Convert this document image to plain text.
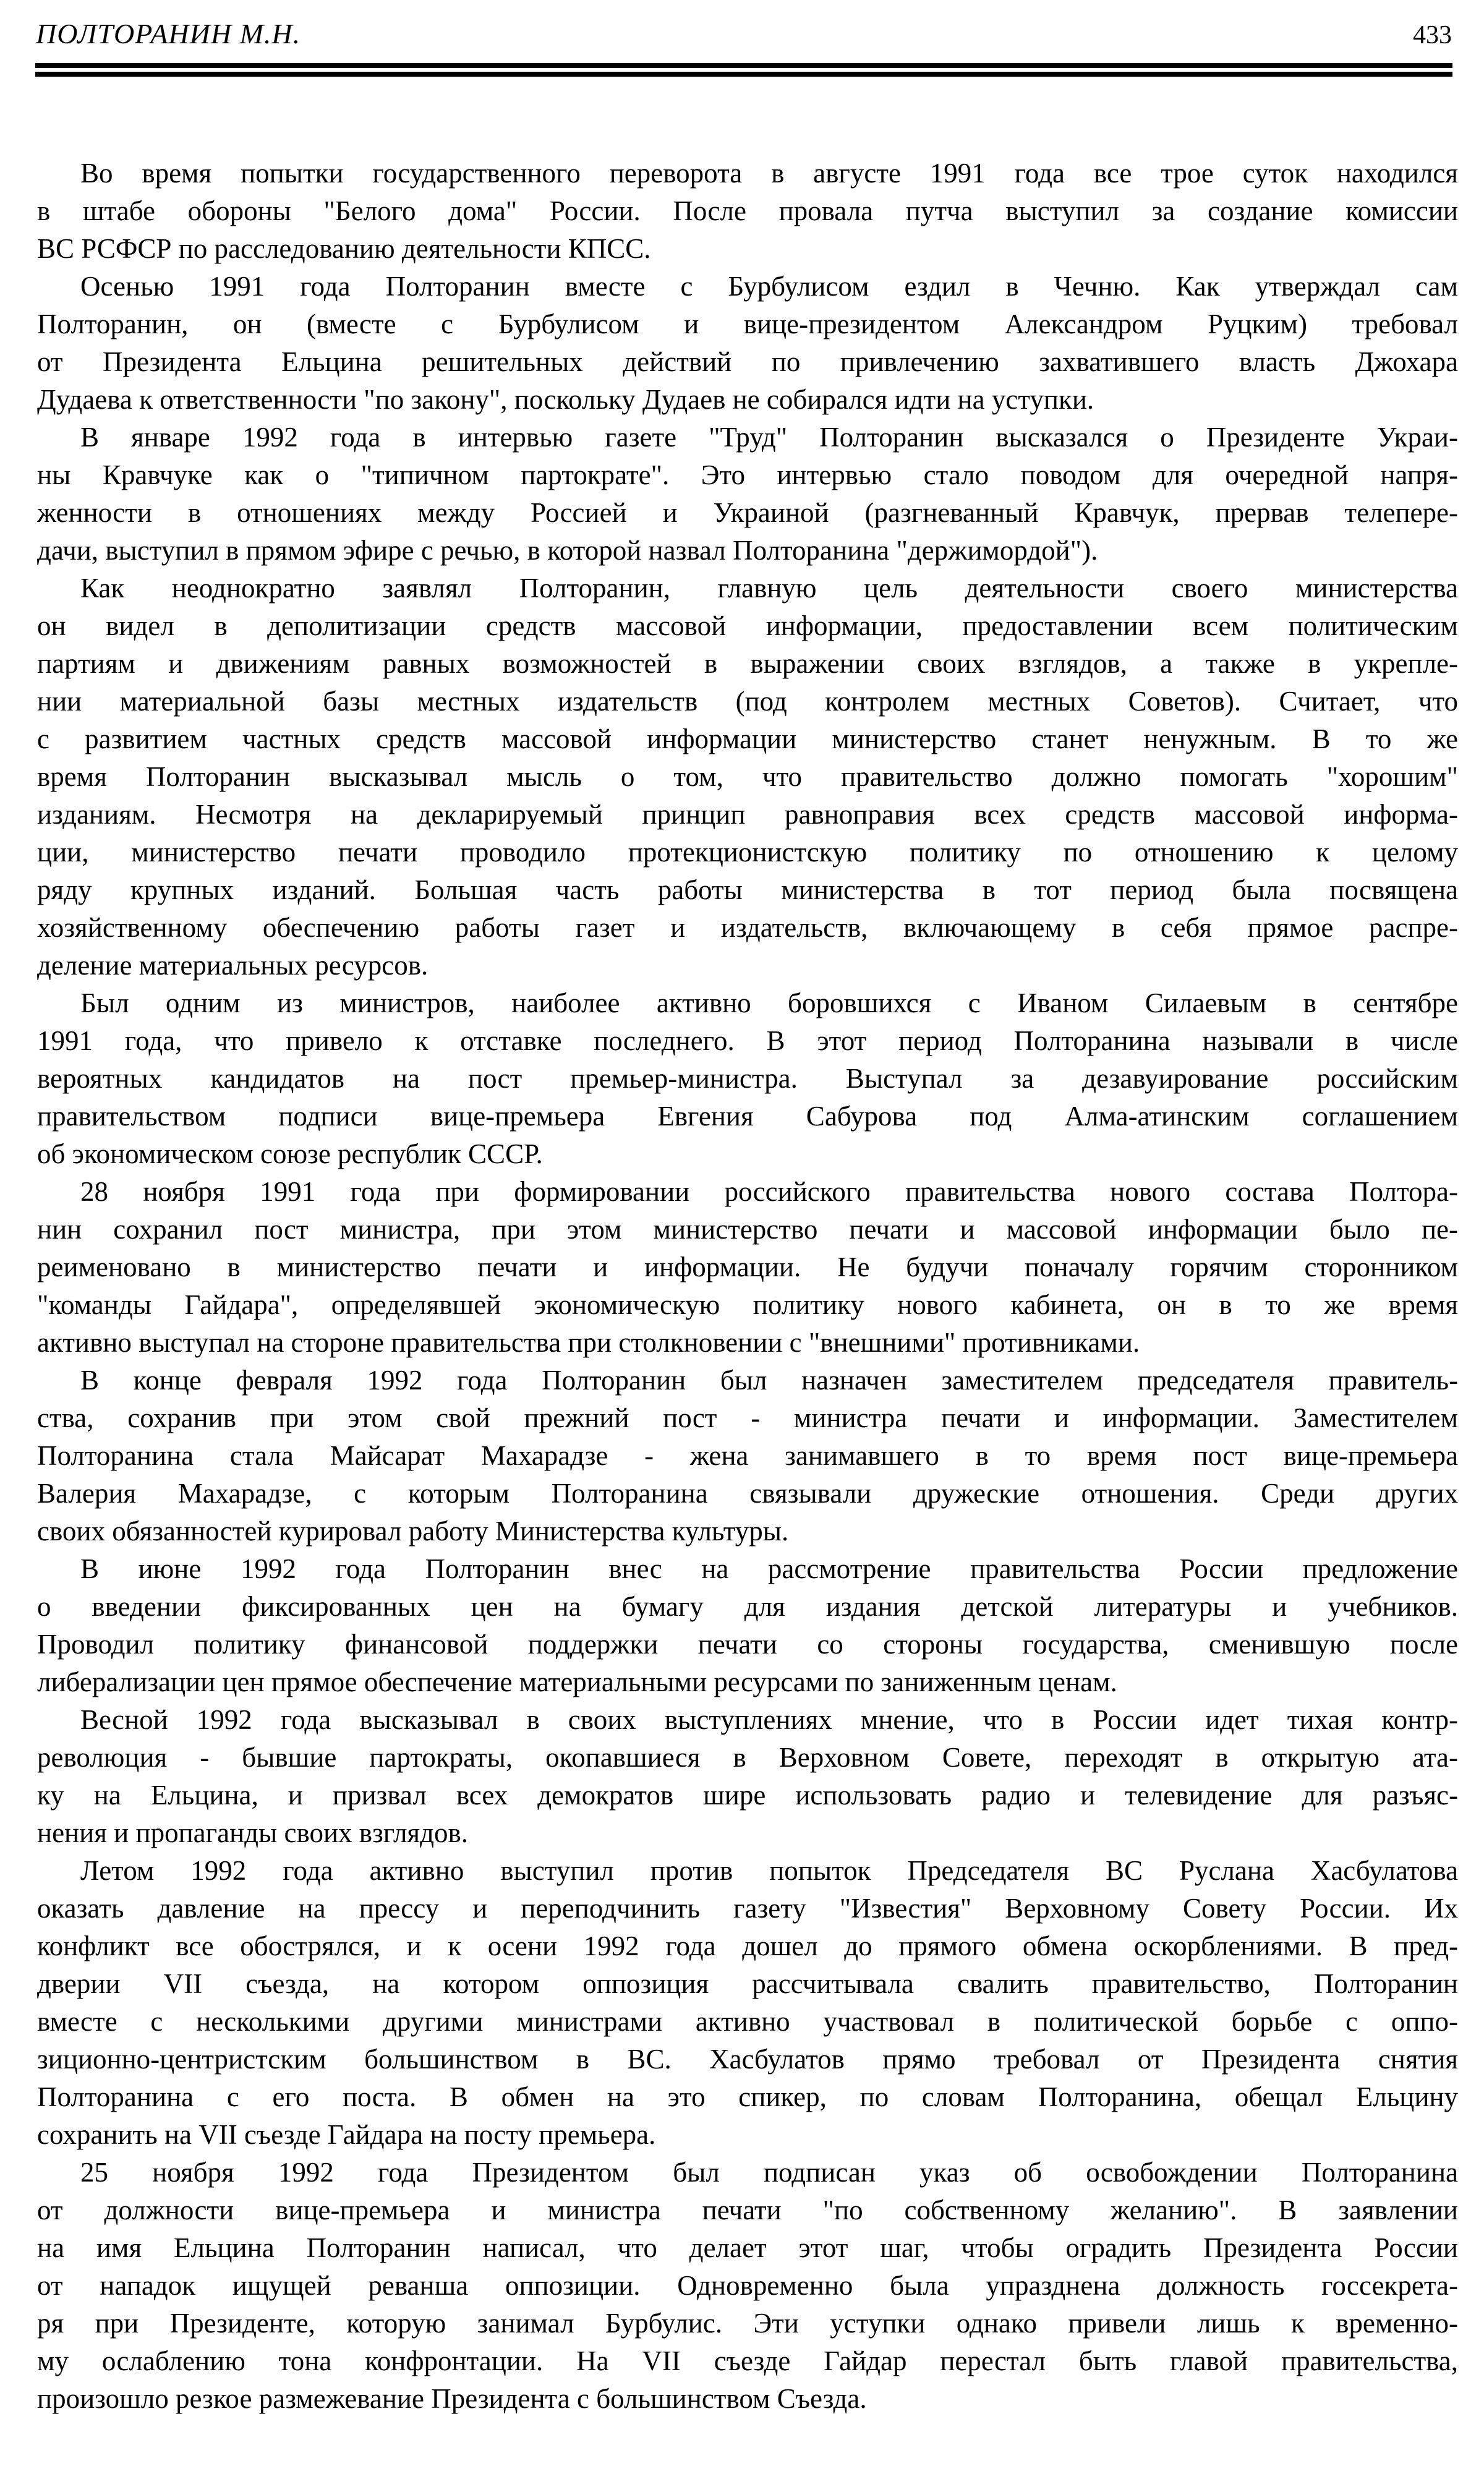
ПОЛТОРАНИН М.Н.	433
Во время попытки государственного переворота в августе 1991 года все трое суток находился
в штабе обороны "Белого дома" России. После провала путча выступил за создание комиссии
ВС РСФСР по расследованию деятельности КПСС.
Осенью 1991 года Полторанин вместе с Бурбулисом ездил в Чечню. Как утверждал сам
Полторанин, он (вместе с Бурбулисом и вице-президентом Александром Руцким) требовал
от Президента Ельцина решительных действий по привлечению захватившего власть Джохара
Дудаева к ответственности "по закону", поскольку Дудаев не собирался идти на уступки.
В январе 1992 года в интервью газете "Труд" Полторанин высказался о Президенте Украи-
ны Кравчуке как о "типичном партократе". Это интервью стало поводом для очередной напря-
женности в отношениях между Россией и Украиной (разгневанный Кравчук, прервав телепере-
дачи, выступил в прямом эфире с речью, в которой назвал Полторанина "держимордой").
Как неоднократно заявлял Полторанин, главную цель деятельности своего министерства
он видел в деполитизации средств массовой информации, предоставлении всем политическим
партиям и движениям равных возможностей в выражении своих взглядов, а также в укрепле-
нии материальной базы местных издательств (под контролем местных Советов). Считает, что
с развитием частных средств массовой информации министерство станет ненужным. В то же
время Полторанин высказывал мысль о том, что правительство должно помогать "хорошим"
изданиям. Несмотря на декларируемый принцип равноправия всех средств массовой информа-
ции, министерство печати проводило протекционистскую политику по отношению к целому
ряду крупных изданий. Большая часть работы министерства в тот период была посвящена
хозяйственному обеспечению работы газет и издательств, включающему в себя прямое распре-
деление материальных ресурсов.
Был одним из министров, наиболее активно боровшихся с Иваном Силаевым в сентябре
1991 года, что привело к отставке последнего. В этот период Полторанина называли в числе
вероятных кандидатов на пост премьер-министра. Выступал за дезавуирование российским
правительством подписи вице-премьера Евгения Сабурова под Алма-атинским соглашением
об экономическом союзе республик СССР.
28 ноября 1991 года при формировании российского правительства нового состава Полтора-
нин сохранил пост министра, при этом министерство печати и массовой информации было пе-
реименовано в министерство печати и информации. Не будучи поначалу горячим сторонником
"команды Гайдара", определявшей экономическую политику нового кабинета, он в то же время
активно выступал на стороне правительства при столкновении с "внешними" противниками.
В конце февраля 1992 года Полторанин был назначен заместителем председателя правитель-
ства, сохранив при этом свой прежний пост - министра печати и информации. Заместителем
Полторанина стала Майсарат Махарадзе - жена занимавшего в то время пост вице-премьера
Валерия Махарадзе, с которым Полторанина связывали дружеские отношения. Среди других
своих обязанностей курировал работу Министерства культуры.
В июне 1992 года Полторанин внес на рассмотрение правительства России предложение
о введении фиксированных цен на бумагу для издания детской литературы и учебников.
Проводил политику финансовой поддержки печати со стороны государства, сменившую после
либерализации цен прямое обеспечение материальными ресурсами по заниженным ценам.
Весной 1992 года высказывал в своих выступлениях мнение, что в России идет тихая контр-
революция - бывшие партократы, окопавшиеся в Верховном Совете, переходят в открытую ата-
ку на Ельцина, и призвал всех демократов шире использовать радио и телевидение для разъяс-
нения и пропаганды своих взглядов.
Летом 1992 года активно выступил против попыток Председателя ВС Руслана Хасбулатова
оказать давление на прессу и переподчинить газету "Известия" Верховному Совету России. Их
конфликт все обострялся, и к осени 1992 года дошел до прямого обмена оскорблениями. В пред-
дверии VII съезда, на котором оппозиция рассчитывала свалить правительство, Полторанин
вместе с несколькими другими министрами активно участвовал в политической борьбе с оппо-
зиционно-центристским большинством в ВС. Хасбулатов прямо требовал от Президента снятия
Полторанина с его поста. В обмен на это спикер, по словам Полторанина, обещал Ельцину
сохранить на VII съезде Гайдара на посту премьера.
25 ноября 1992 года Президентом был подписан указ об освобождении Полторанина
от должности вице-премьера и министра печати "по собственному желанию". В заявлении
на имя Ельцина Полторанин написал, что делает этот шаг, чтобы оградить Президента России
от нападок ищущей реванша оппозиции. Одновременно была упразднена должность госсекрета-
ря при Президенте, которую занимал Бурбулис. Эти уступки однако привели лишь к временно-
му ослаблению тона конфронтации. На VII съезде Гайдар перестал быть главой правительства,
произошло резкое размежевание Президента с большинством Съезда.
